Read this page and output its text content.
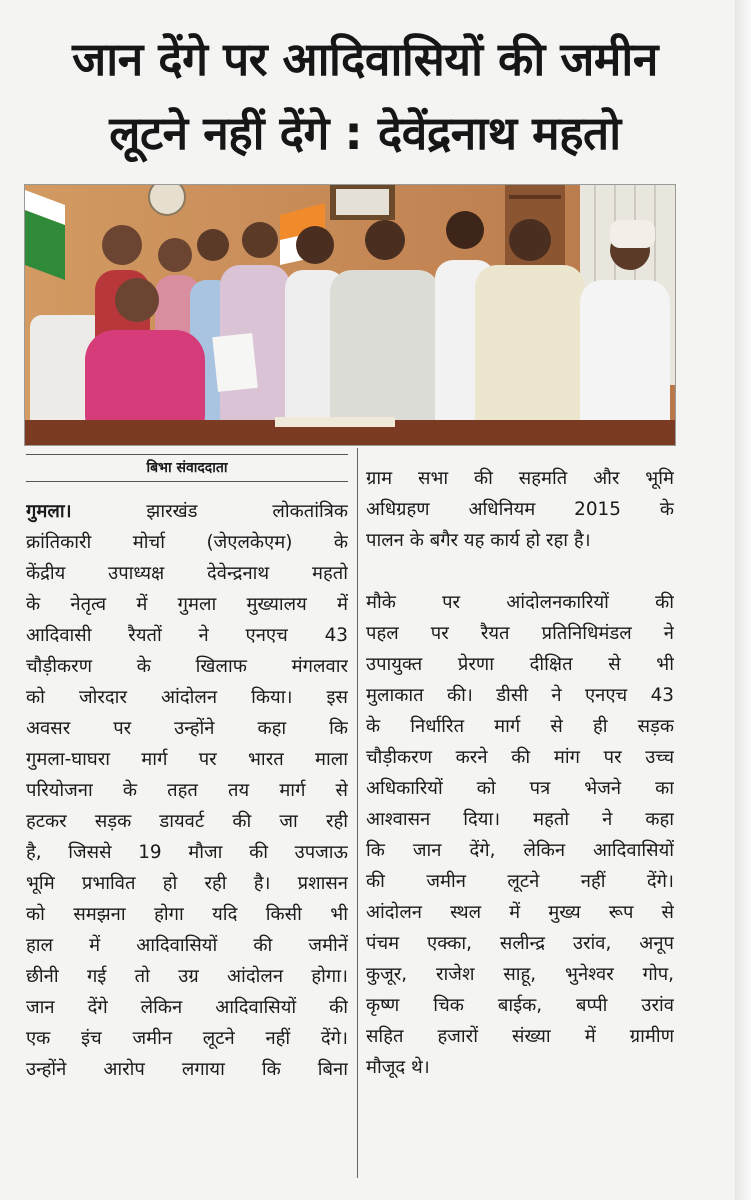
जान देंगे पर आदिवासियों की जमीन
लूटने नहीं देंगे : देवेंद्रनाथ महतो
बिभा संवाददाता
गुमला। झारखंड लोकतांत्रिक
क्रांतिकारी मोर्चा (जेएलकेएम) के
केंद्रीय उपाध्यक्ष देवेन्द्रनाथ महतो
के नेतृत्व में गुमला मुख्यालय में
आदिवासी रैयतों ने एनएच 43
चौड़ीकरण के खिलाफ मंगलवार
को जोरदार आंदोलन किया। इस
अवसर पर उन्होंने कहा कि
गुमला-घाघरा मार्ग पर भारत माला
परियोजना के तहत तय मार्ग से
हटकर सड़क डायवर्ट की जा रही
है, जिससे 19 मौजा की उपजाऊ
भूमि प्रभावित हो रही है। प्रशासन
को समझना होगा यदि किसी भी
हाल में आदिवासियों की जमीनें
छीनी गई तो उग्र आंदोलन होगा।
जान देंगे लेकिन आदिवासियों की
एक इंच जमीन लूटने नहीं देंगे।
उन्होंने आरोप लगाया कि बिना
ग्राम सभा की सहमति और भूमि
अधिग्रहण अधिनियम 2015 के
पालन के बगैर यह कार्य हो रहा है।
मौके पर आंदोलनकारियों की
पहल पर रैयत प्रतिनिधिमंडल ने
उपायुक्त प्रेरणा दीक्षित से भी
मुलाकात की। डीसी ने एनएच 43
के निर्धारित मार्ग से ही सड़क
चौड़ीकरण करने की मांग पर उच्च
अधिकारियों को पत्र भेजने का
आश्वासन दिया। महतो ने कहा
कि जान देंगे, लेकिन आदिवासियों
की जमीन लूटने नहीं देंगे।
आंदोलन स्थल में मुख्य रूप से
पंचम एक्का, सलीन्द्र उरांव, अनूप
कुजूर, राजेश साहू, भुनेश्वर गोप,
कृष्ण चिक बाईक, बप्पी उरांव
सहित हजारों संख्या में ग्रामीण
मौजूद थे।
